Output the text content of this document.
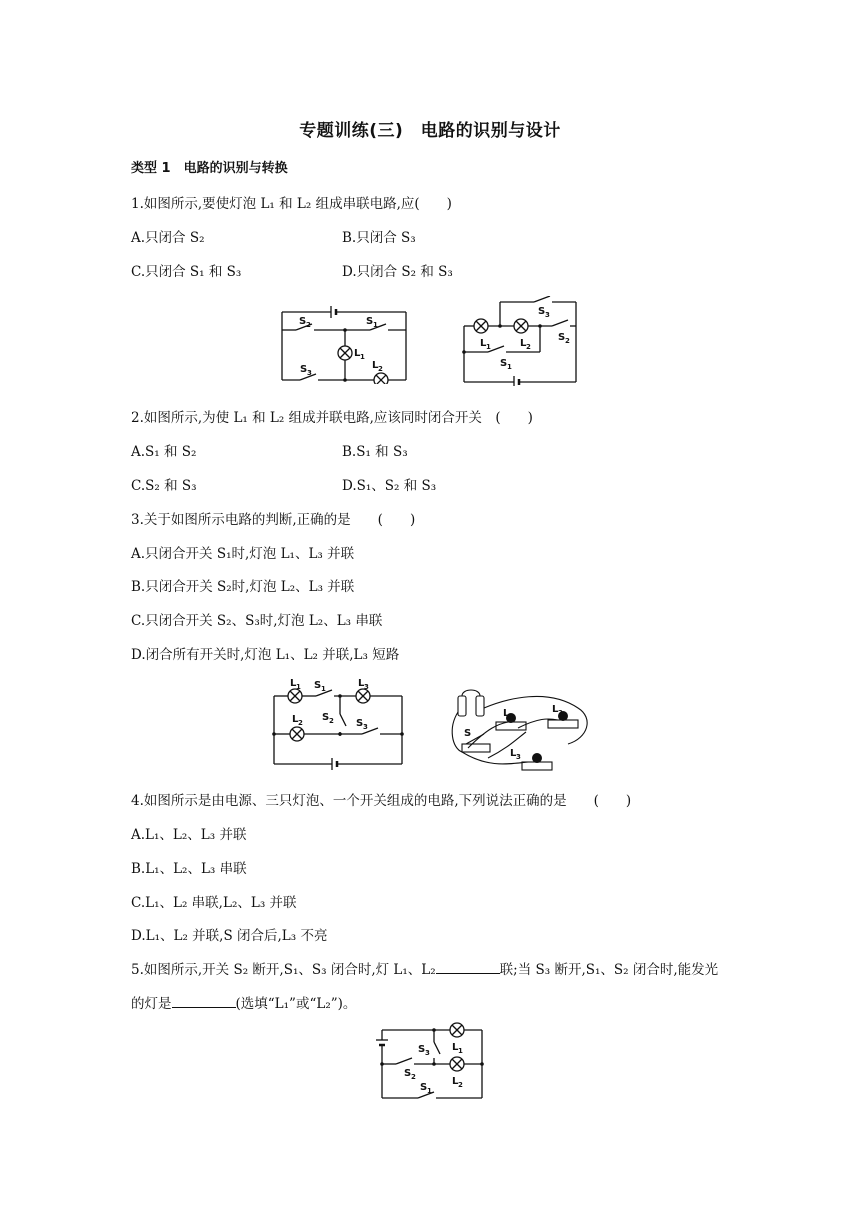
专题训练(三)　电路的识别与设计
类型 1　电路的识别与转换
1.如图所示,要使灯泡 L₁ 和 L₂ 组成串联电路,应(　　)
A.只闭合 S₂	B.只闭合 S₃
C.只闭合 S₁ 和 S₃	D.只闭合 S₂ 和 S₃
S 2	S 1
L 1
L 2
S 3
S 3
L 1	L 2
S 2
S 1
2.如图所示,为使 L₁ 和 L₂ 组成并联电路,应该同时闭合开关　(　　)
A.S₁ 和 S₂	B.S₁ 和 S₃
C.S₂ 和 S₃	D.S₁、S₂ 和 S₃
3.关于如图所示电路的判断,正确的是　　(　　)
A.只闭合开关 S₁时,灯泡 L₁、L₃ 并联
B.只闭合开关 S₂时,灯泡 L₂、L₃ 并联
C.只闭合开关 S₂、S₃时,灯泡 L₂、L₃ 串联
D.闭合所有开关时,灯泡 L₁、L₂ 并联,L₃ 短路
L 1 S 1	L 3
L 2 S 2 S 3
L 1
L 2
L 3
S
4.如图所示是由电源、三只灯泡、一个开关组成的电路,下列说法正确的是　　(　　)
A.L₁、L₂、L₃ 并联
B.L₁、L₂、L₃ 串联
C.L₁、L₂ 串联,L₂、L₃ 并联
D.L₁、L₂ 并联,S 闭合后,L₃ 不亮
5.如图所示,开关 S₂ 断开,S₁、S₃ 闭合时,灯 L₁、L₂	联;当 S₃ 断开,S₁、S₂ 闭合时,能发光
的灯是	(选填“L₁”或“L₂”)。
S 3 L 1
S 2	L 2
S 1
